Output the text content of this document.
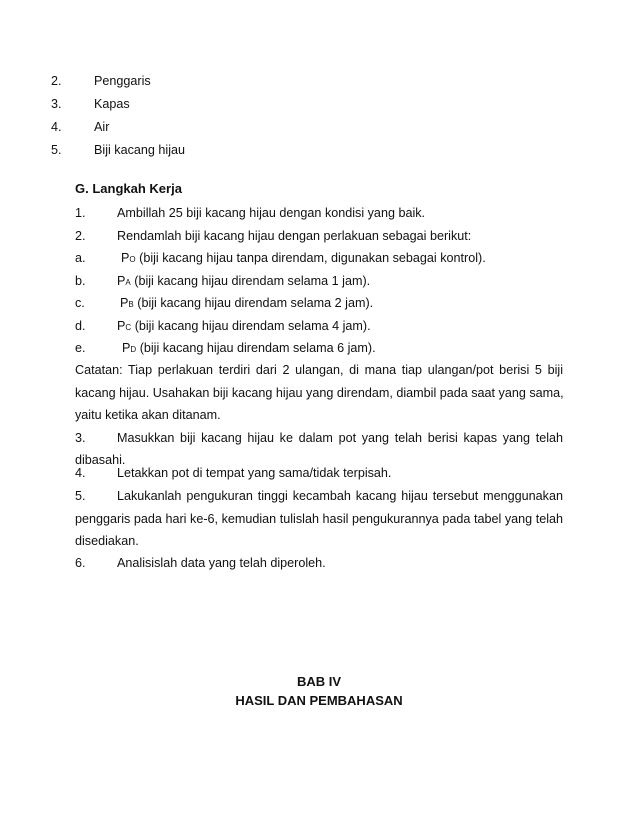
2.	Penggaris
3.	Kapas
4.	Air
5.	Biji kacang hijau
G. Langkah Kerja
1. Ambillah 25 biji kacang hijau dengan kondisi yang baik.
2. Rendamlah biji kacang hijau dengan perlakuan sebagai berikut:
a.	PO (biji kacang hijau tanpa direndam, digunakan sebagai kontrol).
b. PA (biji kacang hijau direndam selama 1 jam).
c.	PB (biji kacang hijau direndam selama 2 jam).
d. PC (biji kacang hijau direndam selama 4 jam).
e.	PD (biji kacang hijau direndam selama 6 jam).
Catatan: Tiap perlakuan terdiri dari 2 ulangan, di mana tiap ulangan/pot berisi 5 biji
kacang hijau. Usahakan biji kacang hijau yang direndam, diambil pada saat yang sama,
yaitu ketika akan ditanam.
3. Masukkan biji kacang hijau ke dalam pot yang telah berisi kapas yang telah
dibasahi.
4. Letakkan pot di tempat yang sama/tidak terpisah.
5. Lakukanlah pengukuran tinggi kecambah kacang hijau tersebut menggunakan
penggaris pada hari ke-6, kemudian tulislah hasil pengukurannya pada tabel yang telah
disediakan.
6. Analisislah data yang telah diperoleh.
BAB IV
HASIL DAN PEMBAHASAN
